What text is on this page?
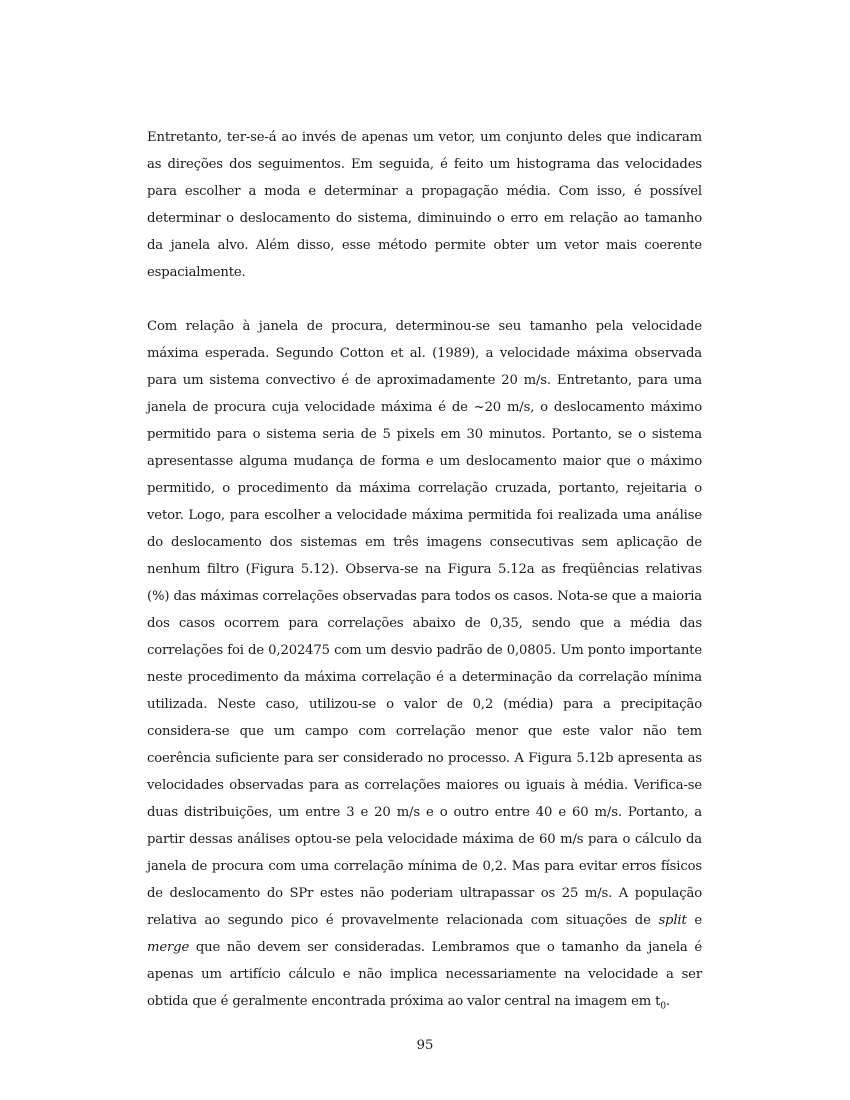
Entretanto, ter-se-á ao invés de apenas um vetor, um conjunto deles que indicaram as direções dos seguimentos. Em seguida, é feito um histograma das velocidades para escolher a moda e determinar a propagação média. Com isso, é possível determinar o deslocamento do sistema, diminuindo o erro em relação ao tamanho da janela alvo. Além disso, esse método permite obter um vetor mais coerente espacialmente.

Com relação à janela de procura, determinou-se seu tamanho pela velocidade máxima esperada. Segundo Cotton et al. (1989), a velocidade máxima observada para um sistema convectivo é de aproximadamente 20 m/s. Entretanto, para uma janela de procura cuja velocidade máxima é de ~20 m/s, o deslocamento máximo permitido para o sistema seria de 5 pixels em 30 minutos. Portanto, se o sistema apresentasse alguma mudança de forma e um deslocamento maior que o máximo permitido, o procedimento da máxima correlação cruzada, portanto, rejeitaria o vetor. Logo, para escolher a velocidade máxima permitida foi realizada uma análise do deslocamento dos sistemas em três imagens consecutivas sem aplicação de nenhum filtro (Figura 5.12). Observa-se na Figura 5.12a as freqüências relativas (%) das máximas correlações observadas para todos os casos. Nota-se que a maioria dos casos ocorrem para correlações abaixo de 0,35, sendo que a média das correlações foi de 0,202475 com um desvio padrão de 0,0805. Um ponto importante neste procedimento da máxima correlação é a determinação da correlação mínima utilizada. Neste caso, utilizou-se o valor de 0,2 (média) para a precipitação considera-se que um campo com correlação menor que este valor não tem coerência suficiente para ser considerado no processo. A Figura 5.12b apresenta as velocidades observadas para as correlações maiores ou iguais à média. Verifica-se duas distribuições, um entre 3 e 20 m/s e o outro entre 40 e 60 m/s. Portanto, a partir dessas análises optou-se pela velocidade máxima de 60 m/s para o cálculo da janela de procura com uma correlação mínima de 0,2. Mas para evitar erros físicos de deslocamento do SPr estes não poderiam ultrapassar os 25 m/s. A população relativa ao segundo pico é provavelmente relacionada com situações de split e merge que não devem ser consideradas. Lembramos que o tamanho da janela é apenas um artifício cálculo e não implica necessariamente na velocidade a ser obtida que é geralmente encontrada próxima ao valor central na imagem em $t_0$.

95
